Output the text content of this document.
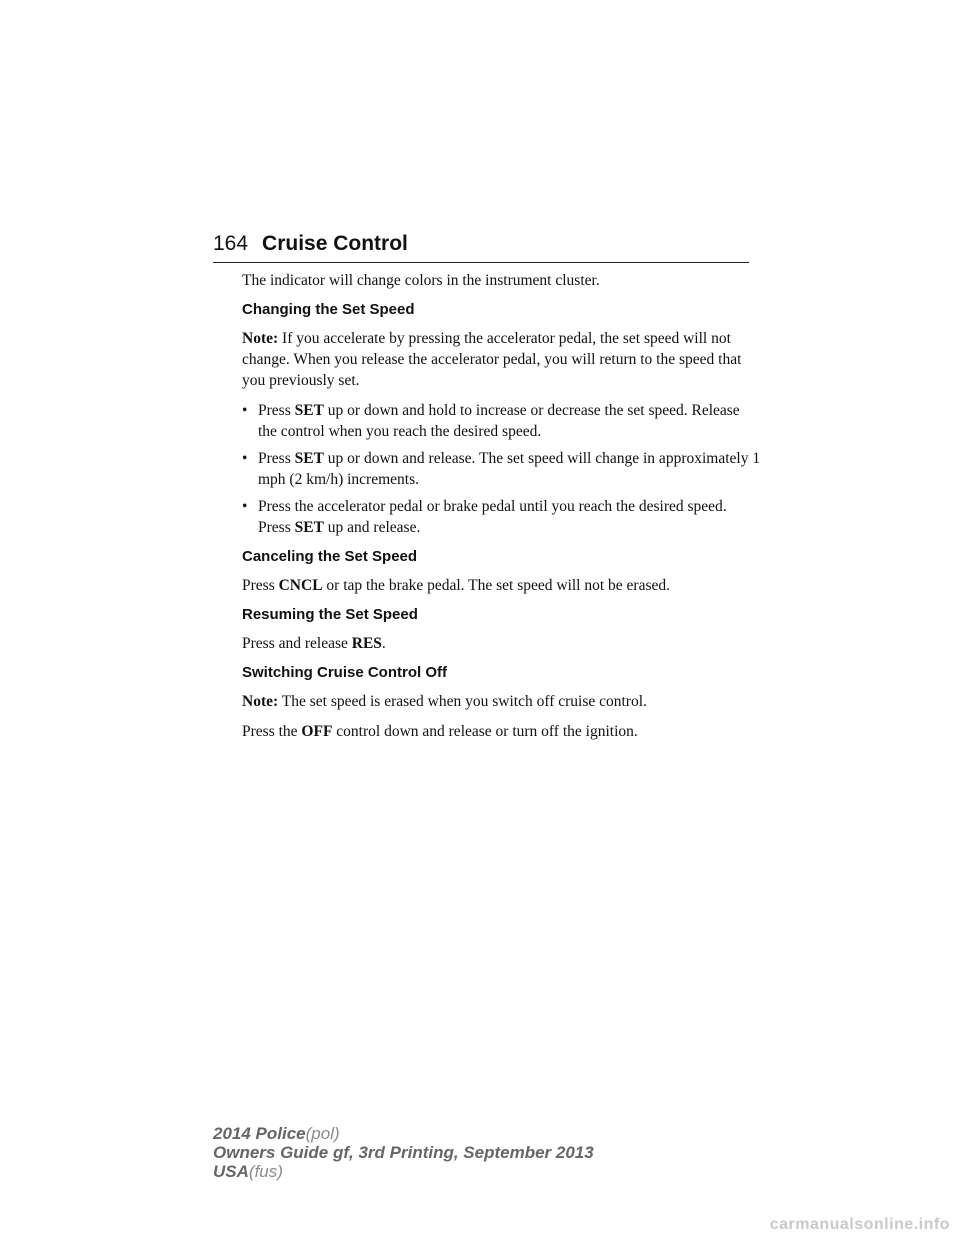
164 Cruise Control

The indicator will change colors in the instrument cluster.

Changing the Set Speed

Note: If you accelerate by pressing the accelerator pedal, the set speed will not change. When you release the accelerator pedal, you will return to the speed that you previously set.

• Press SET up or down and hold to increase or decrease the set speed. Release the control when you reach the desired speed.
• Press SET up or down and release. The set speed will change in approximately 1 mph (2 km/h) increments.
• Press the accelerator pedal or brake pedal until you reach the desired speed. Press SET up and release.
Canceling the Set Speed

Press CNCL or tap the brake pedal. The set speed will not be erased.

Resuming the Set Speed

Press and release RES.

Switching Cruise Control Off

Note: The set speed is erased when you switch off cruise control.

Press the OFF control down and release or turn off the ignition.

2014 Police(pol)
Owners Guide gf, 3rd Printing, September 2013
USA(fus)
carmanualsonline.info
